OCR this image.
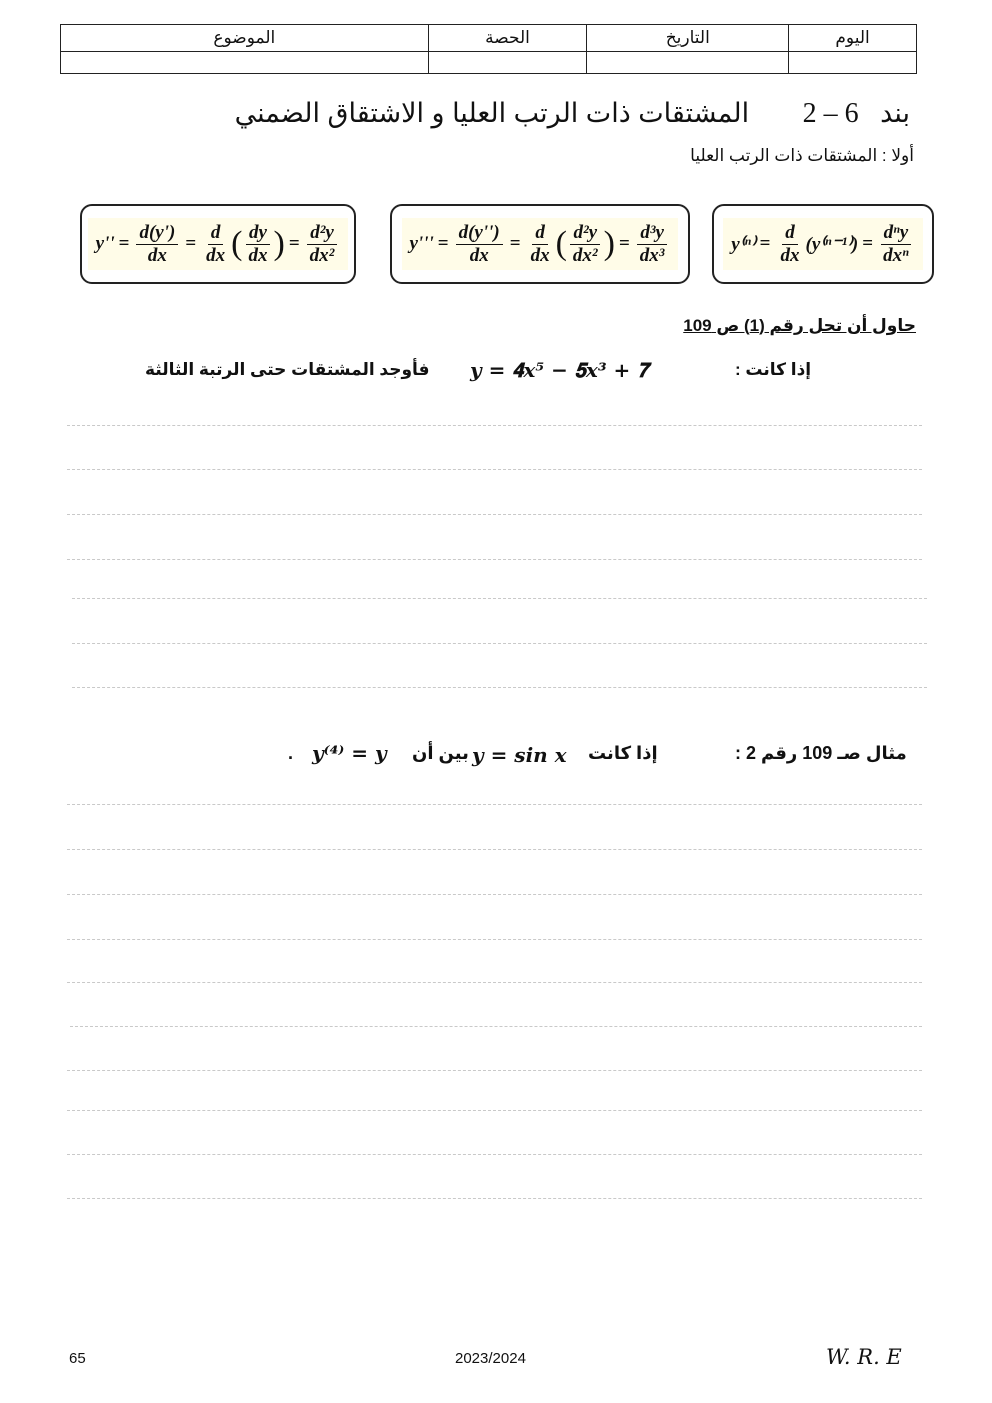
اليوم	التاريخ	الحصة	الموضوع

بند 6 – 2 المشتقات ذات الرتب العليا و الاشتقاق الضمني
أولا : المشتقات ذات الرتب العليا
$y'' = \frac{d(y')}{dx} = \frac{d}{dx}$ ( $\frac{dy}{dx}$ ) = $\frac{\text{d²y}}{\text{dx²}}$	$y''' = \frac{d(y'')}{dx} = \frac{d}{dx}$ ( $\frac{\text{d²y}}{\text{dx²}}$ ) = $\frac{\text{d³y}}{\text{dx³}}$	$y^{(n)} = \frac{d}{dx} (y^{(n-1)}) = \frac{\text{dⁿy}}{\text{dxⁿ}}$
حاول أن تحل رقم (1) ص 109
إذا كانت :
𝒚 = 𝟒𝒙⁵ − 𝟓𝒙³ + 𝟕
فأوجد المشتقات حتى الرتبة الثالثة
مثال صـ 109 رقم 2 :
إذا كانت
𝒚 = 𝒔𝒊𝒏 𝒙
بين أن
𝒚⁽⁴⁾ = 𝒚
.
65	2023/2024	W. R. E
